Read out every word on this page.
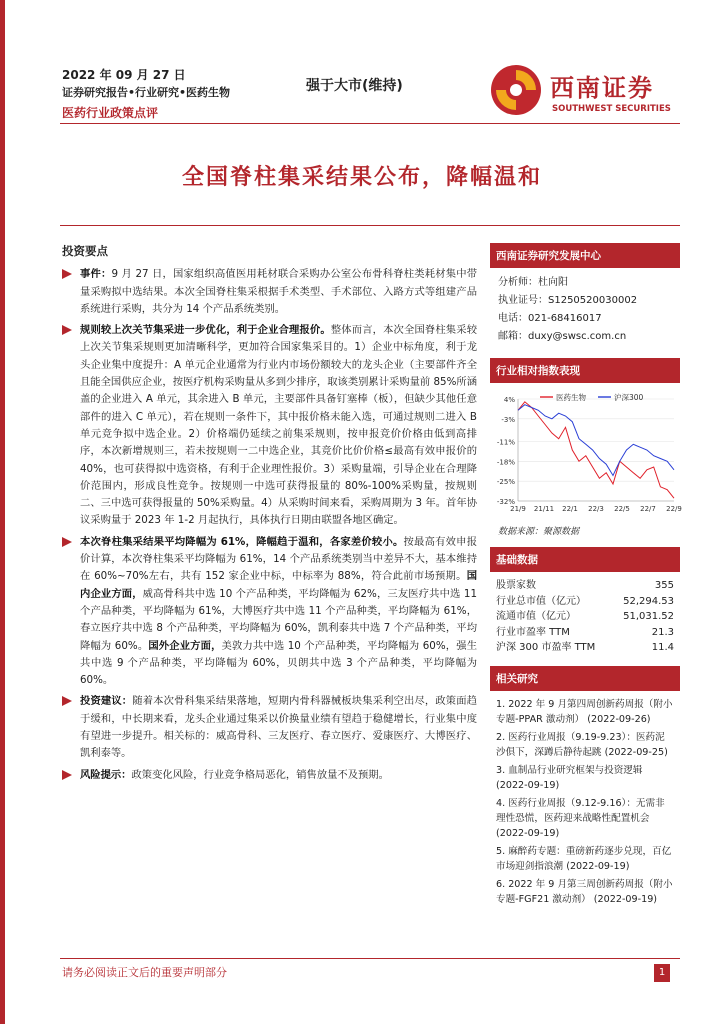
2022 年 09 月 27 日
证券研究报告•行业研究•医药生物
医药行业政策点评
强于大市(维持)	西南证券
SOUTHWEST SECURITIES
全国脊柱集采结果公布，降幅温和
投资要点

事件：9 月 27 日，国家组织高值医用耗材联合采购办公室公布骨科脊柱类耗材集中带量采购拟中选结果。本次全国脊柱集采根据手术类型、手术部位、入路方式等组建产品系统进行采购，共分为 14 个产品系统类别。

规则较上次关节集采进一步优化，利于企业合理报价。整体而言，本次全国脊柱集采较上次关节集采规则更加清晰科学，更加符合国家集采目的。1）企业中标角度，利于龙头企业集中度提升：A 单元企业通常为行业内市场份额较大的龙头企业（主要部件齐全且能全国供应企业，按医疗机构采购量从多到少排序，取该类别累计采购量前 85%所涵盖的企业进入 A 单元，其余进入 B 单元，主要部件具备钉塞棒（板），但缺少其他任意部件的进入 C 单元），若在规则一条件下，其中报价格未能入选，可通过规则二进入 B 单元竞争拟中选企业。2）价格端仍延续之前集采规则，按申报竞价价格由低到高排序，本次新增规则三，若未按规则一二中选企业，其竞价比价价格≤最高有效申报价的 40%，也可获得拟中选资格，有利于企业理性报价。3）采购量端，引导企业在合理降价范围内，形成良性竞争。按规则一中选可获得报量的 80%-100%采购量，按规则二、三中选可获得报量的 50%采购量。4）从采购时间来看，采购周期为 3 年。首年协议采购量于 2023 年 1-2 月起执行，具体执行日期由联盟各地区确定。

本次脊柱集采结果平均降幅为 61%，降幅趋于温和，各家差价较小。按最高有效申报价计算，本次脊柱集采平均降幅为 61%，14 个产品系统类别当中差异不大，基本维持在 60%~70%左右，共有 152 家企业中标，中标率为 88%，符合此前市场预期。国内企业方面，威高骨科共中选 10 个产品种类，平均降幅为 62%，三友医疗共中选 11 个产品种类，平均降幅为 61%，大博医疗共中选 11 个产品种类，平均降幅为 61%，春立医疗共中选 8 个产品种类，平均降幅为 60%，凯利泰共中选 7 个产品种类，平均降幅为 60%。国外企业方面，美敦力共中选 10 个产品种类，平均降幅为 60%，强生共中选 9 个产品种类，平均降幅为 60%，贝朗共中选 3 个产品种类，平均降幅为 60%。

投资建议：随着本次骨科集采结果落地，短期内骨科器械板块集采利空出尽，政策面趋于缓和，中长期来看，龙头企业通过集采以价换量业绩有望趋于稳健增长，行业集中度有望进一步提升。相关标的：威高骨科、三友医疗、春立医疗、爱康医疗、大博医疗、凯利泰等。

风险提示：政策变化风险，行业竞争格局恶化，销售放量不及预期。

西南证券研究发展中心
分析师：杜向阳
执业证号：S1250520030002
电话：021-68416017
邮箱：duxy@swsc.com.cn
行业相对指数表现
4%
-3%
-11%
-18%
-25%
-32%
21/9 21/11 22/1 22/3 22/5 22/7 22/9
医药生物	沪深300
数据来源：聚源数据
基础数据
股票家数	355
行业总市值（亿元）	52,294.53
流通市值（亿元）	51,031.52
行业市盈率 TTM	21.3
沪深 300 市盈率 TTM	11.4
相关研究
1. 2022 年 9 月第四周创新药周报（附小专题-PPAR 激动剂） (2022-09-26)
2. 医药行业周报（9.19-9.23）：医药泥沙俱下，深蹲后静待起跳 (2022-09-25)
3. 血制品行业研究框架与投资逻辑 (2022-09-19)
4. 医药行业周报（9.12-9.16）：无需非理性恐慌，医药迎来战略性配置机会 (2022-09-19)
5. 麻醉药专题：重磅新药逐步兑现，百亿市场迎剑指浪潮 (2022-09-19)
6. 2022 年 9 月第三周创新药周报（附小专题-FGF21 激动剂） (2022-09-19)
请务必阅读正文后的重要声明部分	1
